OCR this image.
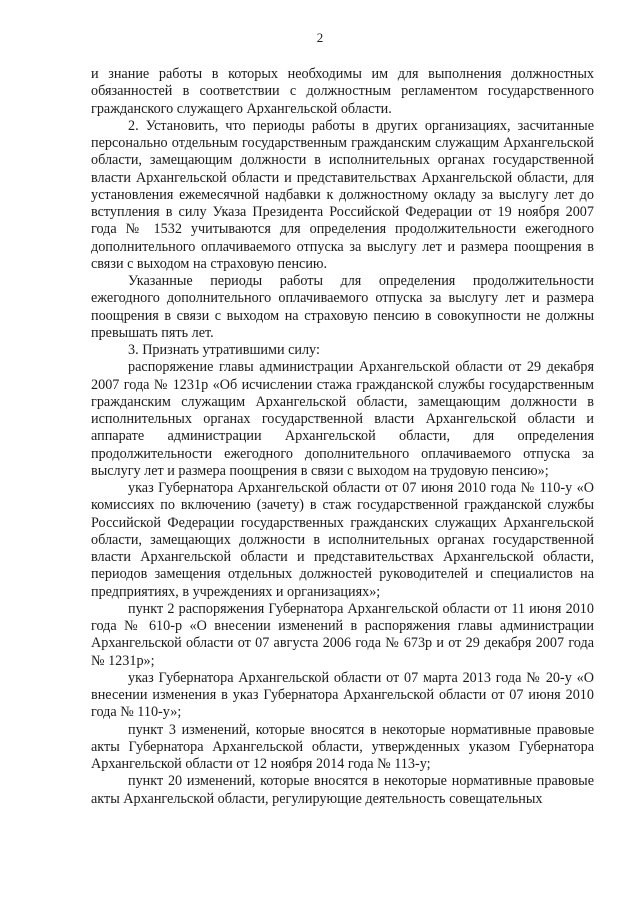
2

и знание работы в которых необходимы им для выполнения должностных обязанностей в соответствии с должностным регламентом государственного гражданского служащего Архангельской области.

2. Установить, что периоды работы в других организациях, засчитанные персонально отдельным государственным гражданским служащим Архангельской области, замещающим должности в исполнительных органах государственной власти Архангельской области и представительствах Архангельской области, для установления ежемесячной надбавки к должностному окладу за выслугу лет до вступления в силу Указа Президента Российской Федерации от 19 ноября 2007 года № 1532 учитываются для определения продолжительности ежегодного дополнительного оплачиваемого отпуска за выслугу лет и размера поощрения в связи с выходом на страховую пенсию.

Указанные периоды работы для определения продолжительности ежегодного дополнительного оплачиваемого отпуска за выслугу лет и размера поощрения в связи с выходом на страховую пенсию в совокупности не должны превышать пять лет.

3. Признать утратившими силу:

распоряжение главы администрации Архангельской области от 29 декабря 2007 года № 1231р «Об исчислении стажа гражданской службы государственным гражданским служащим Архангельской области, замещающим должности в исполнительных органах государственной власти Архангельской области и аппарате администрации Архангельской области, для определения продолжительности ежегодного дополнительного оплачиваемого отпуска за выслугу лет и размера поощрения в связи с выходом на трудовую пенсию»;

указ Губернатора Архангельской области от 07 июня 2010 года № 110-у «О комиссиях по включению (зачету) в стаж государственной гражданской службы Российской Федерации государственных гражданских служащих Архангельской области, замещающих должности в исполнительных органах государственной власти Архангельской области и представительствах Архангельской области, периодов замещения отдельных должностей руководителей и специалистов на предприятиях, в учреждениях и организациях»;

пункт 2 распоряжения Губернатора Архангельской области от 11 июня 2010 года № 610-р «О внесении изменений в распоряжения главы администрации Архангельской области от 07 августа 2006 года № 673р и от 29 декабря 2007 года № 1231р»;

указ Губернатора Архангельской области от 07 марта 2013 года № 20-у «О внесении изменения в указ Губернатора Архангельской области от 07 июня 2010 года № 110-у»;

пункт 3 изменений, которые вносятся в некоторые нормативные правовые акты Губернатора Архангельской области, утвержденных указом Губернатора Архангельской области от 12 ноября 2014 года № 113-у;

пункт 20 изменений, которые вносятся в некоторые нормативные правовые акты Архангельской области, регулирующие деятельность совещательных
